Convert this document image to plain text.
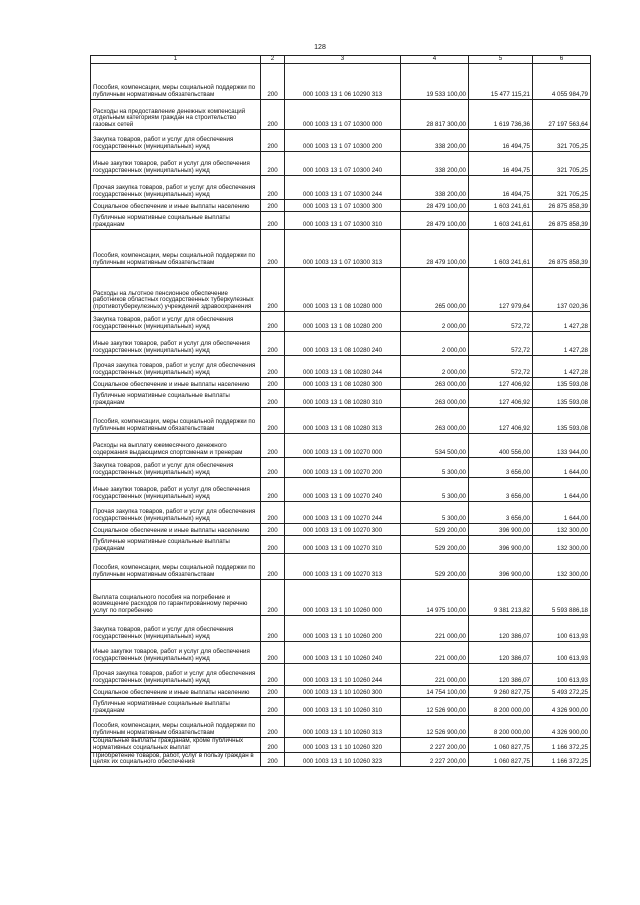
128
1	2	3	4	5	6
Пособия, компенсации, меры социальной поддержки по публичным нормативным обязательствам	200	000 1003 13 1 06 10290 313	19 533 100,00	15 477 115,21	4 055 984,79
Расходы на предоставление денежных компенсаций отдельным категориям граждан на строительство газовых сетей	200	000 1003 13 1 07 10300 000	28 817 300,00	1 619 736,36	27 197 563,64
Закупка товаров, работ и услуг для обеспечения государственных (муниципальных) нужд	200	000 1003 13 1 07 10300 200	338 200,00	16 494,75	321 705,25
Иные закупки товаров, работ и услуг для обеспечения государственных (муниципальных) нужд	200	000 1003 13 1 07 10300 240	338 200,00	16 494,75	321 705,25
Прочая закупка товаров, работ и услуг для обеспечения государственных (муниципальных) нужд	200	000 1003 13 1 07 10300 244	338 200,00	16 494,75	321 705,25
Социальное обеспечение и иные выплаты населению	200	000 1003 13 1 07 10300 300	28 479 100,00	1 603 241,61	26 875 858,39
Публичные нормативные социальные выплаты гражданам	200	000 1003 13 1 07 10300 310	28 479 100,00	1 603 241,61	26 875 858,39
Пособия, компенсации, меры социальной поддержки по публичным нормативным обязательствам	200	000 1003 13 1 07 10300 313	28 479 100,00	1 603 241,61	26 875 858,39
Расходы на льготное пенсионное обеспечение работников областных государственных туберкулезных (противотуберкулезных) учреждений здравоохранения	200	000 1003 13 1 08 10280 000	265 000,00	127 979,64	137 020,36
Закупка товаров, работ и услуг для обеспечения государственных (муниципальных) нужд	200	000 1003 13 1 08 10280 200	2 000,00	572,72	1 427,28
Иные закупки товаров, работ и услуг для обеспечения государственных (муниципальных) нужд	200	000 1003 13 1 08 10280 240	2 000,00	572,72	1 427,28
Прочая закупка товаров, работ и услуг для обеспечения государственных (муниципальных) нужд	200	000 1003 13 1 08 10280 244	2 000,00	572,72	1 427,28
Социальное обеспечение и иные выплаты населению	200	000 1003 13 1 08 10280 300	263 000,00	127 406,92	135 593,08
Публичные нормативные социальные выплаты гражданам	200	000 1003 13 1 08 10280 310	263 000,00	127 406,92	135 593,08
Пособия, компенсации, меры социальной поддержки по публичным нормативным обязательствам	200	000 1003 13 1 08 10280 313	263 000,00	127 406,92	135 593,08
Расходы на выплату ежемесячного денежного содержания выдающимся спортсменам и тренерам	200	000 1003 13 1 09 10270 000	534 500,00	400 556,00	133 944,00
Закупка товаров, работ и услуг для обеспечения государственных (муниципальных) нужд	200	000 1003 13 1 09 10270 200	5 300,00	3 656,00	1 644,00
Иные закупки товаров, работ и услуг для обеспечения государственных (муниципальных) нужд	200	000 1003 13 1 09 10270 240	5 300,00	3 656,00	1 644,00
Прочая закупка товаров, работ и услуг для обеспечения государственных (муниципальных) нужд	200	000 1003 13 1 09 10270 244	5 300,00	3 656,00	1 644,00
Социальное обеспечение и иные выплаты населению	200	000 1003 13 1 09 10270 300	529 200,00	396 900,00	132 300,00
Публичные нормативные социальные выплаты гражданам	200	000 1003 13 1 09 10270 310	529 200,00	396 900,00	132 300,00
Пособия, компенсации, меры социальной поддержки по публичным нормативным обязательствам	200	000 1003 13 1 09 10270 313	529 200,00	396 900,00	132 300,00
Выплата социального пособия на погребение и возмещение расходов по гарантированному перечню услуг по погребению	200	000 1003 13 1 10 10260 000	14 975 100,00	9 381 213,82	5 593 886,18
Закупка товаров, работ и услуг для обеспечения государственных (муниципальных) нужд	200	000 1003 13 1 10 10260 200	221 000,00	120 386,07	100 613,93
Иные закупки товаров, работ и услуг для обеспечения государственных (муниципальных) нужд	200	000 1003 13 1 10 10260 240	221 000,00	120 386,07	100 613,93
Прочая закупка товаров, работ и услуг для обеспечения государственных (муниципальных) нужд	200	000 1003 13 1 10 10260 244	221 000,00	120 386,07	100 613,93
Социальное обеспечение и иные выплаты населению	200	000 1003 13 1 10 10260 300	14 754 100,00	9 260 827,75	5 493 272,25
Публичные нормативные социальные выплаты гражданам	200	000 1003 13 1 10 10260 310	12 526 900,00	8 200 000,00	4 326 900,00
Пособия, компенсации, меры социальной поддержки по публичным нормативным обязательствам	200	000 1003 13 1 10 10260 313	12 526 900,00	8 200 000,00	4 326 900,00
Социальные выплаты гражданам, кроме публичных нормативных социальных выплат	200	000 1003 13 1 10 10260 320	2 227 200,00	1 060 827,75	1 166 372,25
Приобретение товаров, работ, услуг в пользу граждан в целях их социального обеспечения	200	000 1003 13 1 10 10260 323	2 227 200,00	1 060 827,75	1 166 372,25
